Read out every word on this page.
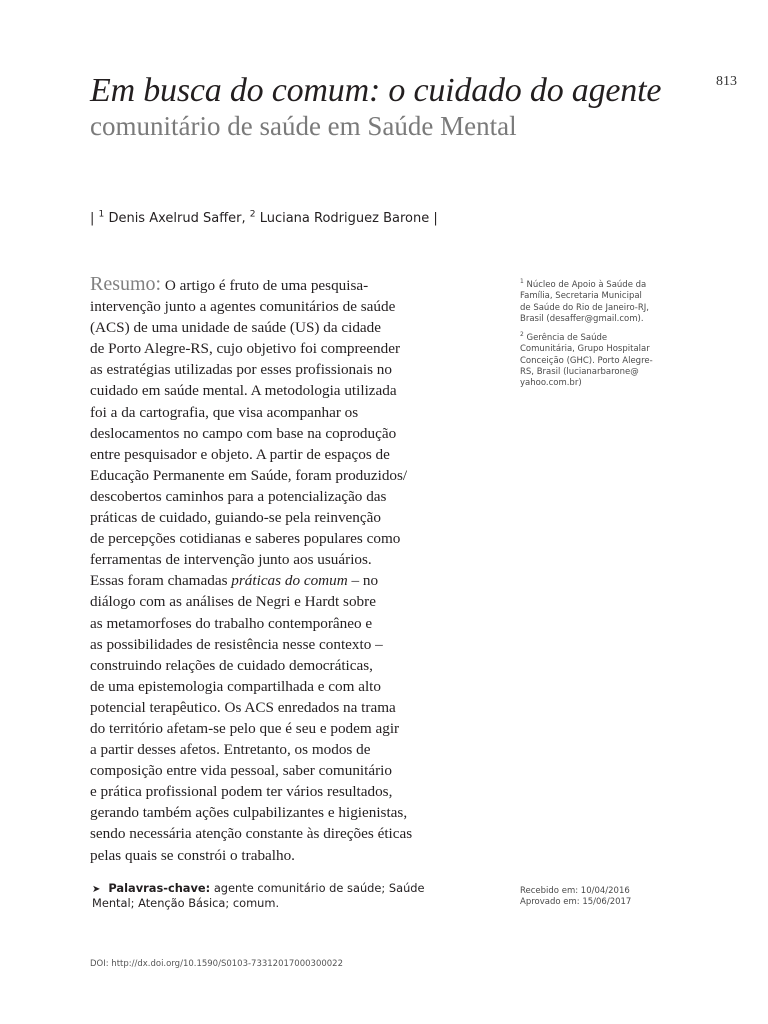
813
Em busca do comum: o cuidado do agente
comunitário de saúde em Saúde Mental
| $^1$ Denis Axelrud Saffer, $^2$ Luciana Rodriguez Barone |
Resumo: O artigo é fruto de uma pesquisa-
intervenção junto a agentes comunitários de saúde
(ACS) de uma unidade de saúde (US) da cidade
de Porto Alegre-RS, cujo objetivo foi compreender
as estratégias utilizadas por esses profissionais no
cuidado em saúde mental. A metodologia utilizada
foi a da cartografia, que visa acompanhar os
deslocamentos no campo com base na coprodução
entre pesquisador e objeto. A partir de espaços de
Educação Permanente em Saúde, foram produzidos/
descobertos caminhos para a potencialização das
práticas de cuidado, guiando-se pela reinvenção
de percepções cotidianas e saberes populares como
ferramentas de intervenção junto aos usuários.
Essas foram chamadas práticas do comum – no
diálogo com as análises de Negri e Hardt sobre
as metamorfoses do trabalho contemporâneo e
as possibilidades de resistência nesse contexto –
construindo relações de cuidado democráticas,
de uma epistemologia compartilhada e com alto
potencial terapêutico. Os ACS enredados na trama
do território afetam-se pelo que é seu e podem agir
a partir desses afetos. Entretanto, os modos de
composição entre vida pessoal, saber comunitário
e prática profissional podem ter vários resultados,
gerando também ações culpabilizantes e higienistas,
sendo necessária atenção constante às direções éticas
pelas quais se constrói o trabalho.
$^1$ Núcleo de Apoio à Saúde da
Família, Secretaria Municipal
de Saúde do Rio de Janeiro-RJ,
Brasil (desaffer@gmail.com).
$^2$ Gerência de Saúde
Comunitária, Grupo Hospitalar
Conceição (GHC). Porto Alegre-
RS, Brasil (lucianarbarone@
yahoo.com.br)
➤ Palavras-chave: agente comunitário de saúde; Saúde
Mental; Atenção Básica; comum.
Recebido em: 10/04/2016
Aprovado em: 15/06/2017
DOI: http://dx.doi.org/10.1590/S0103-73312017000300022
